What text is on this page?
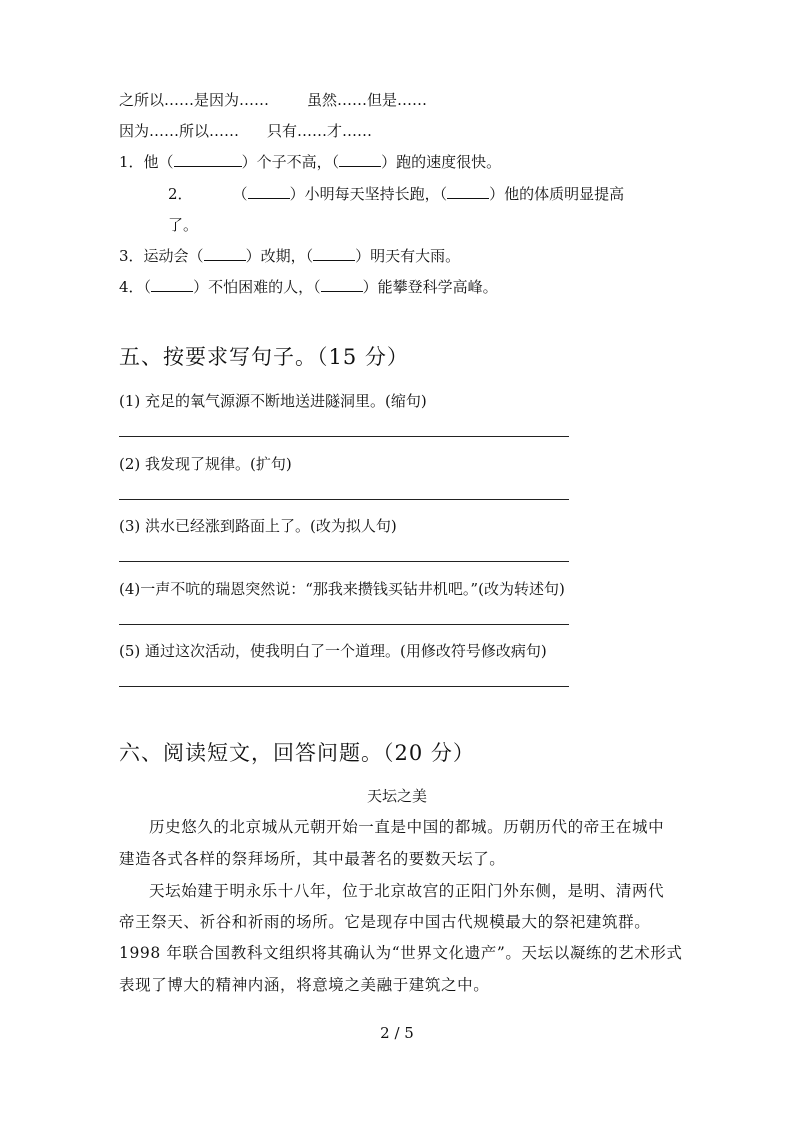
之所以……是因为……	虽然……但是……
因为……所以…… 只有……才……
1．他（	）个子不高，（	）跑的速度很快。
2．	（	）小明每天坚持长跑，（	）他的体质明显提高
了。
3．运动会（	）改期，（	）明天有大雨。
4．（	）不怕困难的人，（	）能攀登科学高峰。
五、按要求写句子。（15 分）
(1) 充足的氧气源源不断地送进隧洞里。(缩句)
(2) 我发现了规律。(扩句)
(3) 洪水已经涨到路面上了。(改为拟人句)
(4)一声不吭的瑞恩突然说：“那我来攒钱买钻井机吧。”(改为转述句)
(5) 通过这次活动，使我明白了一个道理。(用修改符号修改病句)
六、阅读短文，回答问题。（20 分）
天坛之美
历史悠久的北京城从元朝开始一直是中国的都城。历朝历代的帝王在城中
建造各式各样的祭拜场所，其中最著名的要数天坛了。
天坛始建于明永乐十八年，位于北京故宫的正阳门外东侧，是明、清两代
帝王祭天、祈谷和祈雨的场所。它是现存中国古代规模最大的祭祀建筑群。
1998 年联合国教科文组织将其确认为“世界文化遗产”。天坛以凝练的艺术形式
表现了博大的精神内涵，将意境之美融于建筑之中。
2 / 5
